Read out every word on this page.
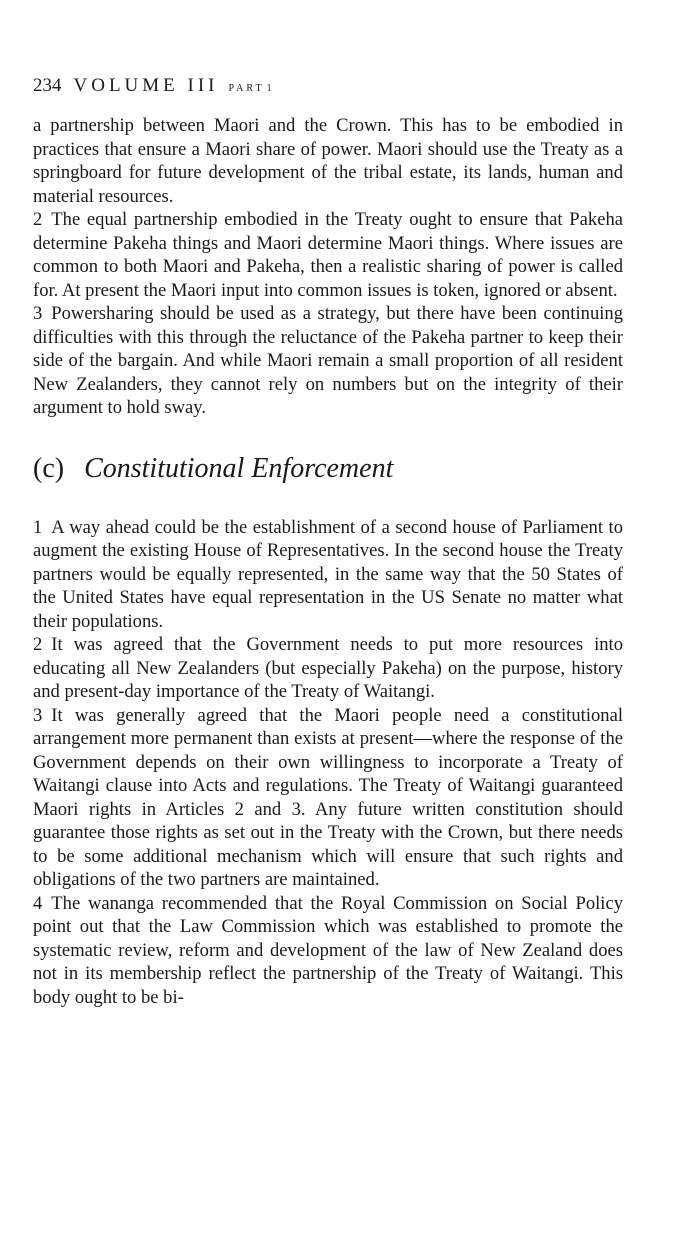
234 VOLUME III PART 1

a partnership between Maori and the Crown. This has to be embodied in practices that ensure a Maori share of power. Maori should use the Treaty as a springboard for future development of the tribal estate, its lands, human and material resources.

2 The equal partnership embodied in the Treaty ought to ensure that Pakeha determine Pakeha things and Maori determine Maori things. Where issues are common to both Maori and Pakeha, then a realistic sharing of power is called for. At present the Maori input into common issues is token, ignored or absent.

3 Powersharing should be used as a strategy, but there have been continuing difficulties with this through the reluctance of the Pakeha partner to keep their side of the bargain. And while Maori remain a small proportion of all resident New Zealanders, they cannot rely on numbers but on the integrity of their argument to hold sway.

(c) Constitutional Enforcement

1 A way ahead could be the establishment of a second house of Parliament to augment the existing House of Representatives. In the second house the Treaty partners would be equally represented, in the same way that the 50 States of the United States have equal representation in the US Senate no matter what their populations.

2 It was agreed that the Government needs to put more resources into educating all New Zealanders (but especially Pakeha) on the purpose, history and present-day importance of the Treaty of Waitangi.

3 It was generally agreed that the Maori people need a constitutional arrangement more permanent than exists at present—where the response of the Government depends on their own willingness to incorporate a Treaty of Waitangi clause into Acts and regulations. The Treaty of Waitangi guaranteed Maori rights in Articles 2 and 3. Any future written constitution should guarantee those rights as set out in the Treaty with the Crown, but there needs to be some additional mechanism which will ensure that such rights and obligations of the two partners are maintained.

4 The wananga recommended that the Royal Commission on Social Policy point out that the Law Commission which was established to promote the systematic review, reform and development of the law of New Zealand does not in its membership reflect the partnership of the Treaty of Waitangi. This body ought to be bi-
